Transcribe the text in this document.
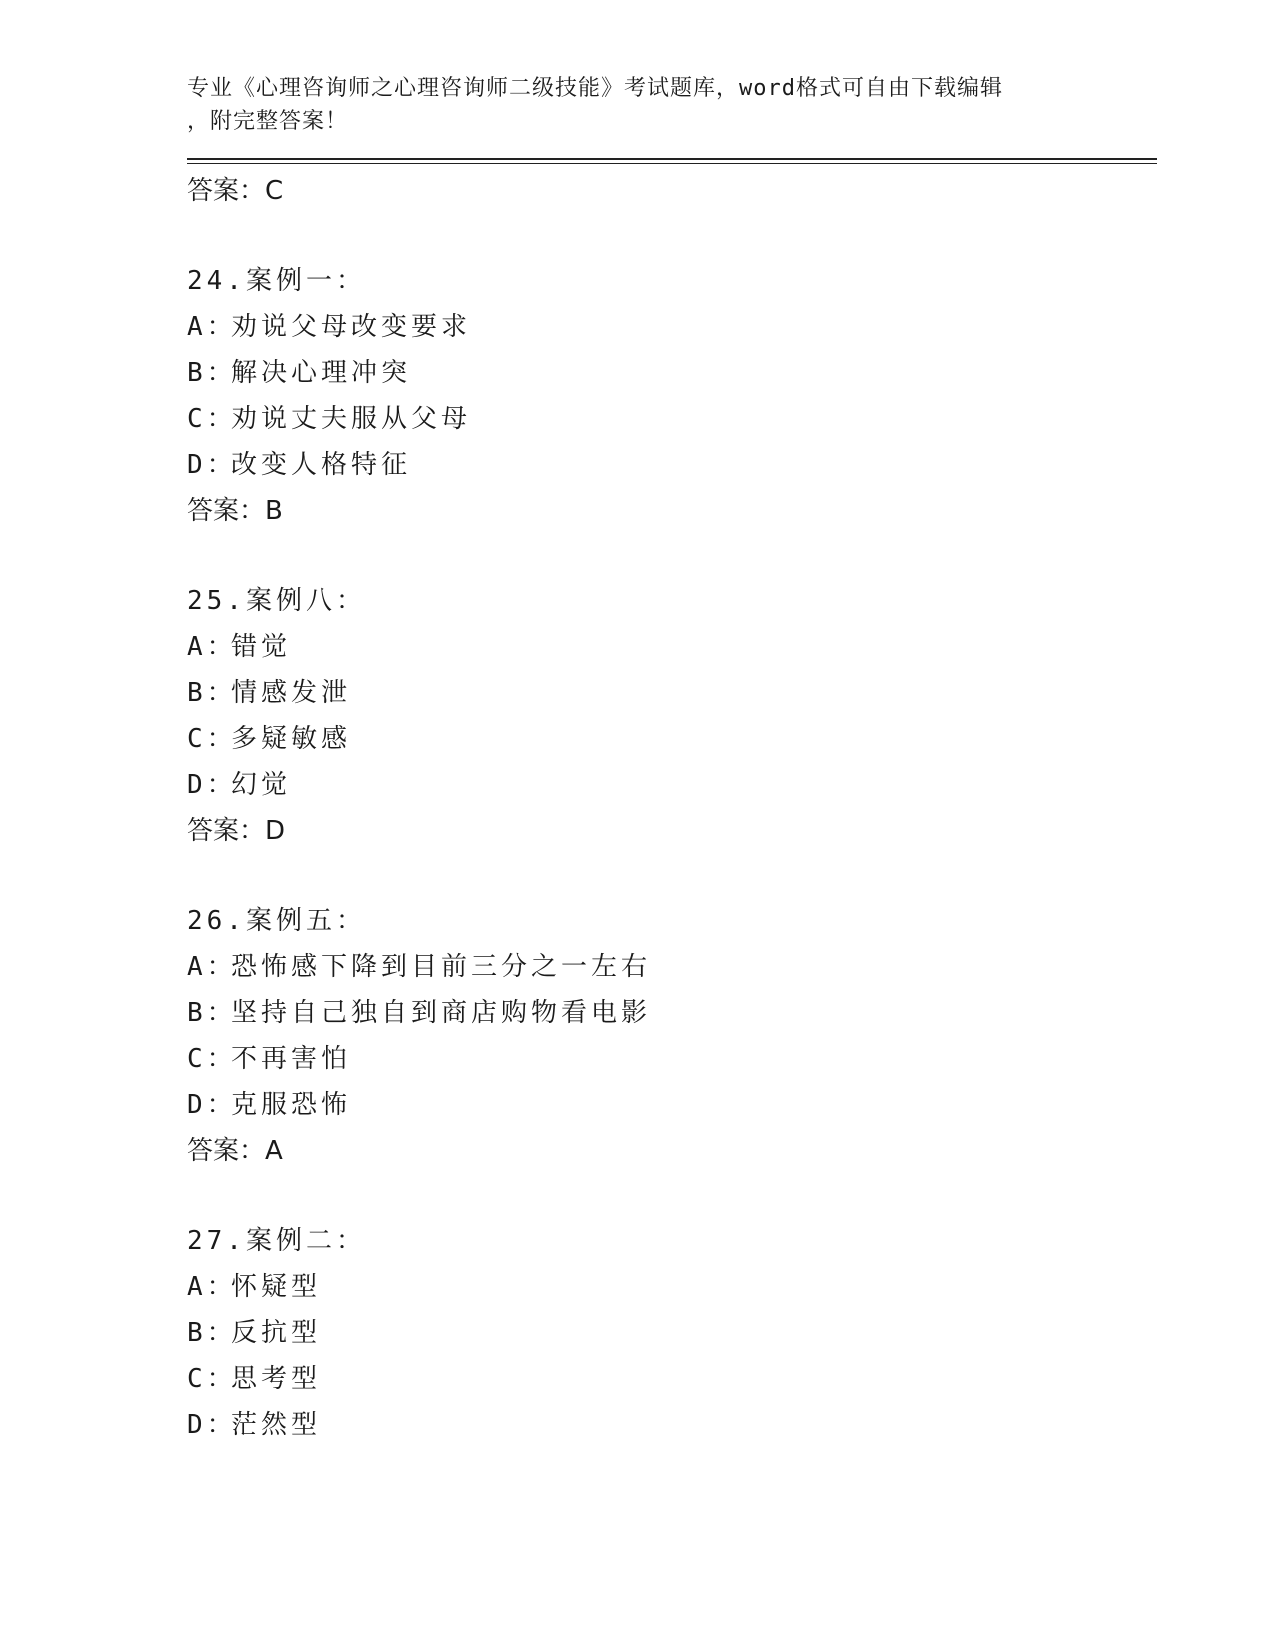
专业《心理咨询师之心理咨询师二级技能》考试题库，word格式可自由下载编辑
，附完整答案！

答案：C

24.案例一：

A：劝说父母改变要求

B：解决心理冲突

C：劝说丈夫服从父母

D：改变人格特征

答案：B

25.案例八：

A：错觉

B：情感发泄

C：多疑敏感

D：幻觉

答案：D

26.案例五：

A：恐怖感下降到目前三分之一左右

B：坚持自己独自到商店购物看电影

C：不再害怕

D：克服恐怖

答案：A

27.案例二：

A：怀疑型

B：反抗型

C：思考型

D：茫然型
